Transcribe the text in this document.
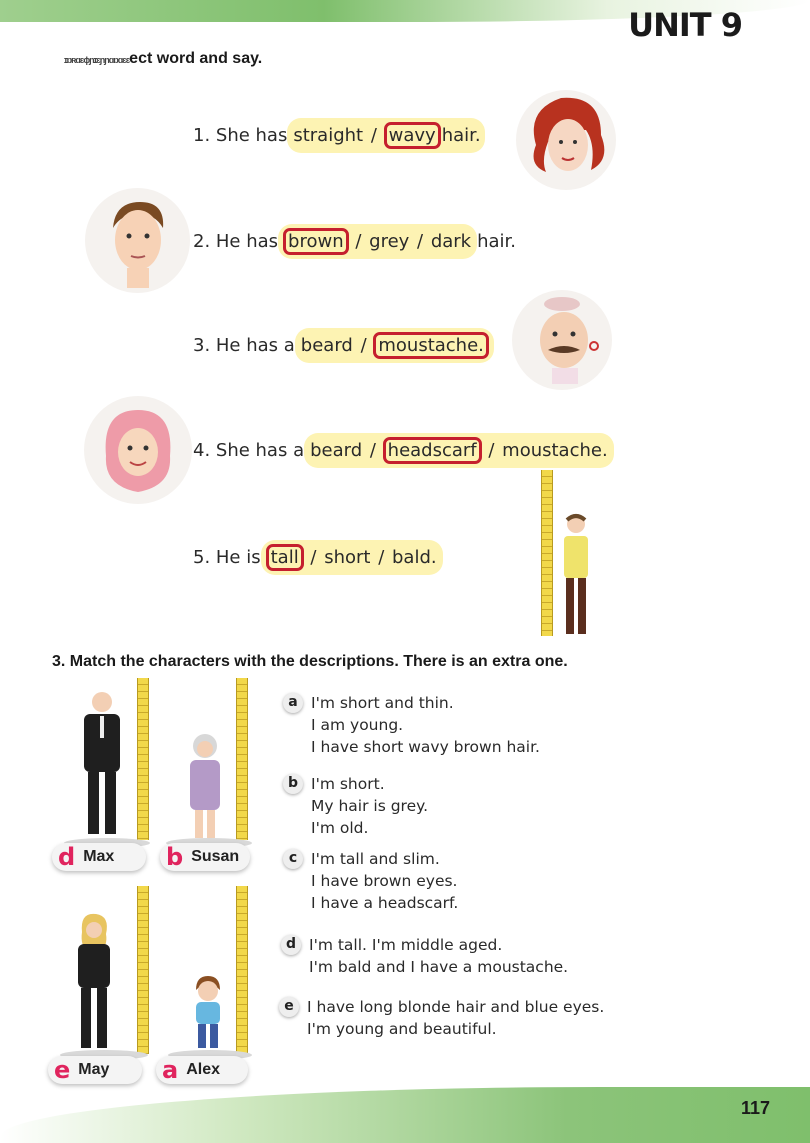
UNIT 9
ɪɒʀɑɛɸɲɪɛɲɲɑɒɑɛɛect word and say.
1. She hasstraight / wavyhair.
2. He hasbrown / grey / darkhair.
3. He has abeard / moustache.
4. She has abeard / headscarf / moustache.
5. He istall / short / bald.
3. Match the characters with the descriptions. There is an extra one.
d Max b Susan
e May a Alex
a I'm short and thin.
I am young.
I have short wavy brown hair.
b I'm short.
My hair is grey.
I'm old.
c I'm tall and slim.
I have brown eyes.
I have a headscarf.
d I'm tall. I'm middle aged.
I'm bald and I have a moustache.
e I have long blonde hair and blue eyes.
I'm young and beautiful.
117
